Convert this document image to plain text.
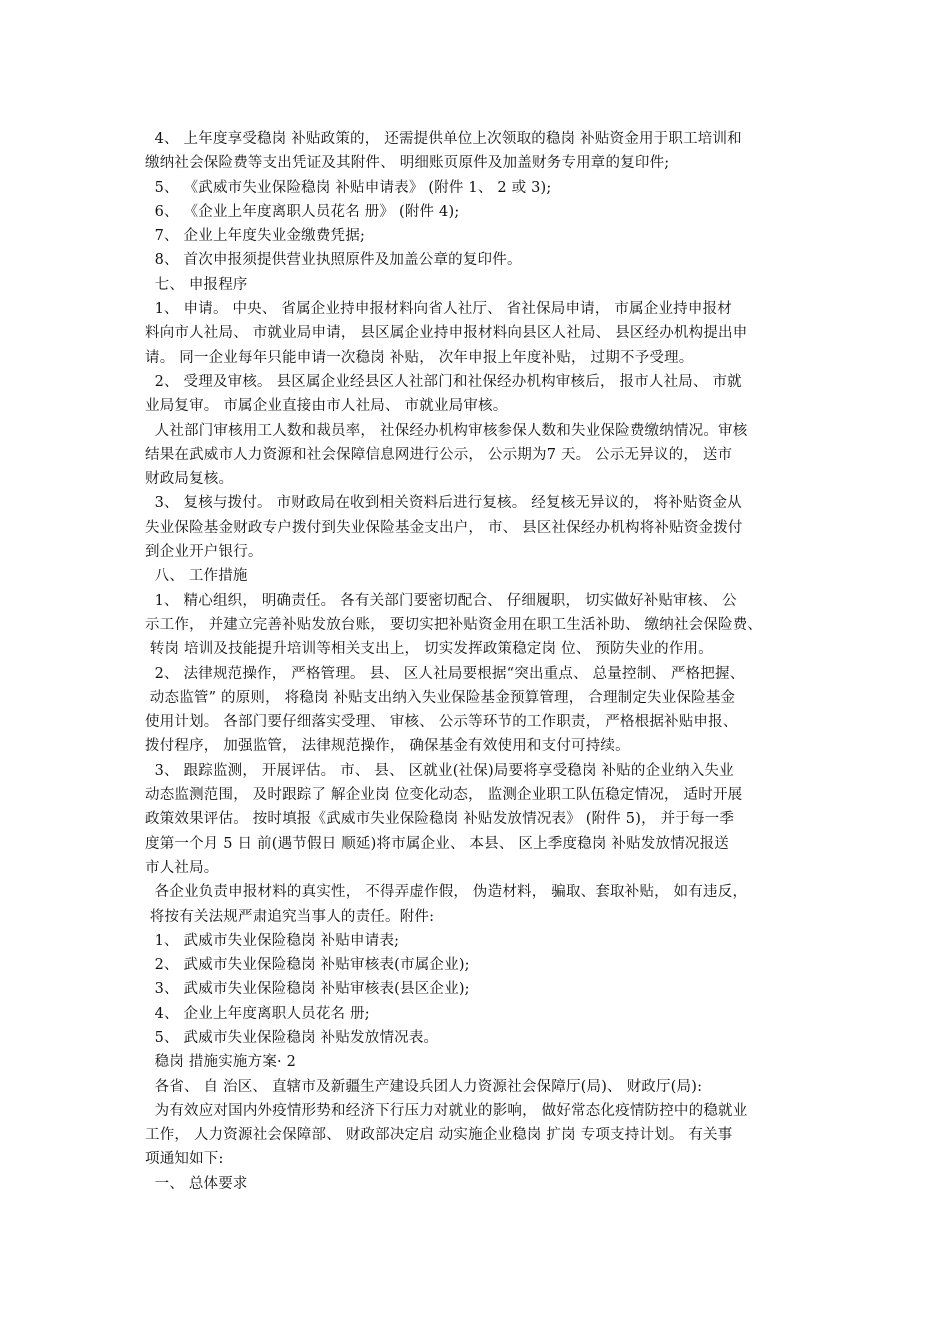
4、 上年度享受稳岗 补贴政策的， 还需提供单位上次领取的稳岗 补贴资金用于职工培训和
缴纳社会保险费等支出凭证及其附件、 明细账页原件及加盖财务专用章的复印件;
5、 《武威市失业保险稳岗 补贴申请表》 (附件 1、 2 或 3);
6、 《企业上年度离职人员花名 册》 (附件 4);
7、 企业上年度失业金缴费凭据;
8、 首次申报须提供营业执照原件及加盖公章的复印件。
七、 申报程序
1、 申请。 中央、 省属企业持申报材料向省人社厅、 省社保局申请， 市属企业持申报材
料向市人社局、 市就业局申请， 县区属企业持申报材料向县区人社局、 县区经办机构提出申
请。 同一企业每年只能申请一次稳岗 补贴， 次年申报上年度补贴， 过期不予受理。
2、 受理及审核。 县区属企业经县区人社部门和社保经办机构审核后， 报市人社局、 市就
业局复审。 市属企业直接由市人社局、 市就业局审核。
人社部门审核用工人数和裁员率， 社保经办机构审核参保人数和失业保险费缴纳情况。审核
结果在武威市人力资源和社会保障信息网进行公示， 公示期为7 天。 公示无异议的， 送市
财政局复核。
3、 复核与拨付。 市财政局在收到相关资料后进行复核。 经复核无异议的， 将补贴资金从
失业保险基金财政专户拨付到失业保险基金支出户， 市、 县区社保经办机构将补贴资金拨付
到企业开户银行。
八、 工作措施
1、 精心组织， 明确责任。 各有关部门要密切配合、 仔细履职， 切实做好补贴审核、 公
示工作， 并建立完善补贴发放台账， 要切实把补贴资金用在职工生活补助、 缴纳社会保险费、
转岗 培训及技能提升培训等相关支出上， 切实发挥政策稳定岗 位、 预防失业的作用。
2、 法律规范操作， 严格管理。 县、 区人社局要根据“突出重点、 总量控制、 严格把握、
动态监管” 的原则， 将稳岗 补贴支出纳入失业保险基金预算管理， 合理制定失业保险基金
使用计划。 各部门要仔细落实受理、 审核、 公示等环节的工作职责， 严格根据补贴申报、
拨付程序， 加强监管， 法律规范操作， 确保基金有效使用和支付可持续。
3、 跟踪监测， 开展评估。 市、 县、 区就业(社保)局要将享受稳岗 补贴的企业纳入失业
动态监测范围， 及时跟踪了 解企业岗 位变化动态， 监测企业职工队伍稳定情况， 适时开展
政策效果评估。 按时填报《武威市失业保险稳岗 补贴发放情况表》 (附件 5)， 并于每一季
度第一个月 5 日 前(遇节假日 顺延)将市属企业、 本县、 区上季度稳岗 补贴发放情况报送
市人社局。
各企业负责申报材料的真实性， 不得弄虚作假， 伪造材料， 骗取、套取补贴， 如有违反，
将按有关法规严肃追究当事人的责任。附件:
1、 武威市失业保险稳岗 补贴申请表;
2、 武威市失业保险稳岗 补贴审核表(市属企业);
3、 武威市失业保险稳岗 补贴审核表(县区企业);
4、 企业上年度离职人员花名 册;
5、 武威市失业保险稳岗 补贴发放情况表。
稳岗 措施实施方案· 2
各省、 自 治区、 直辖市及新疆生产建设兵团人力资源社会保障厅(局)、 财政厅(局):
为有效应对国内外疫情形势和经济下行压力对就业的影响， 做好常态化疫情防控中的稳就业
工作， 人力资源社会保障部、 财政部决定启 动实施企业稳岗 扩岗 专项支持计划。 有关事
项通知如下:
一、 总体要求
